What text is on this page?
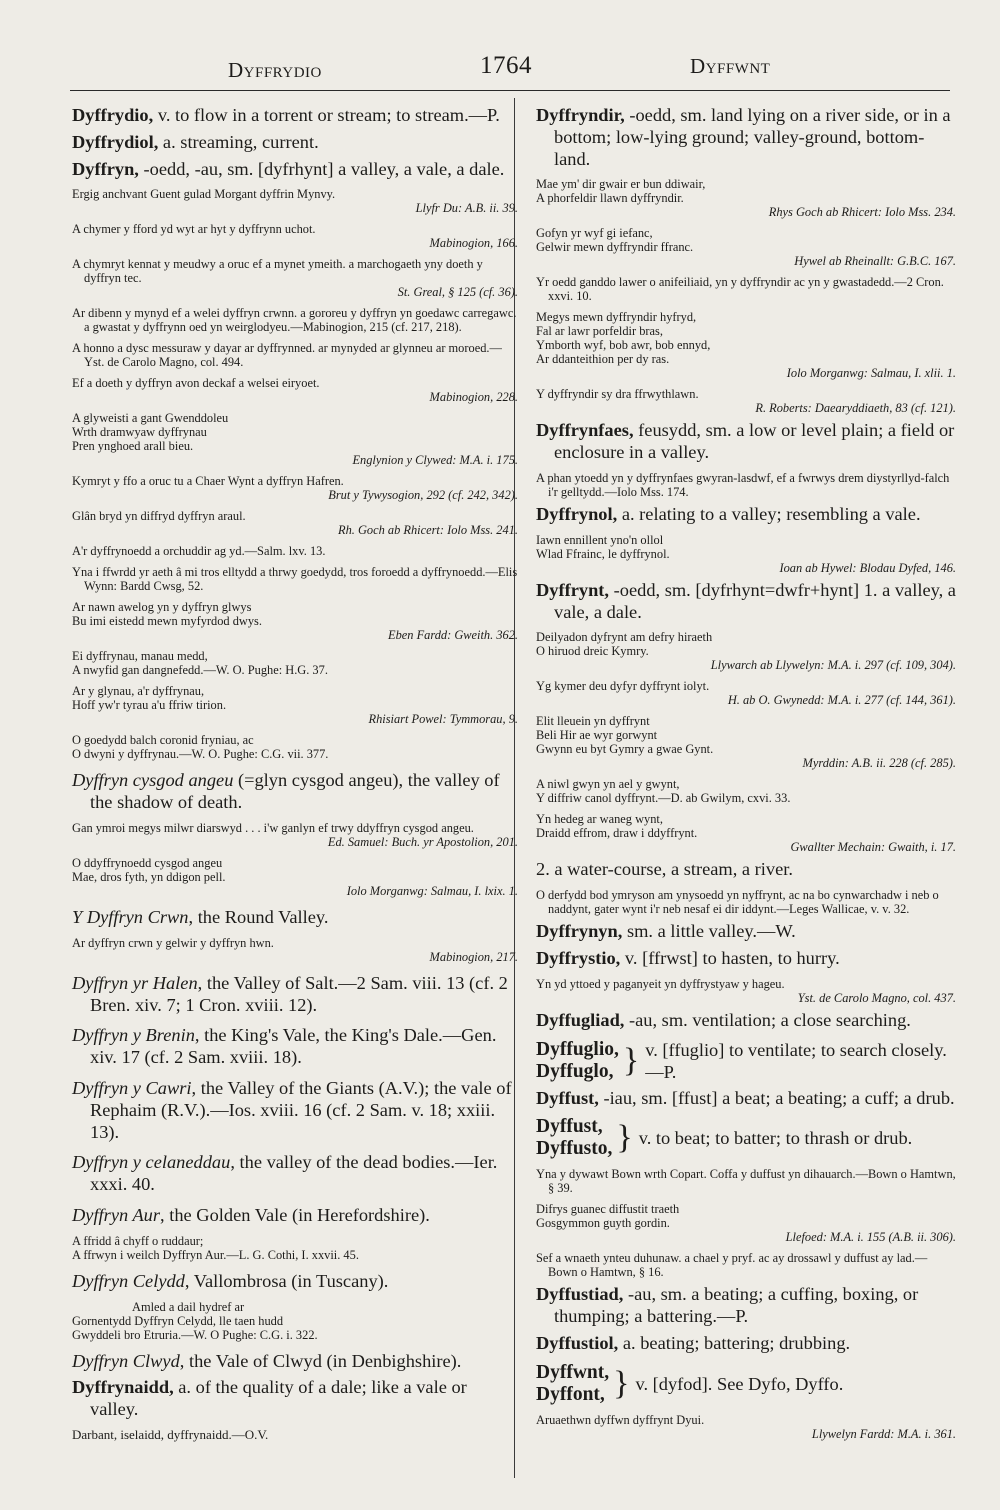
Dyffrydio	1764	Dyffwnt
Dyffrydio, v. to flow in a torrent or stream; to stream.—P.
Dyffrydiol, a. streaming, current.
Dyffryn, -oedd, -au, sm. [dyfrhynt] a valley, a vale, a dale.
Ergig anchvant Guent gulad Morgant dyffrin Mynvy.
Llyfr Du: A.B. ii. 39.
A chymer y fford yd wyt ar hyt y dyffrynn uchot.
Mabinogion, 166.
A chymryt kennat y meudwy a oruc ef a mynet ymeith. a marchogaeth yny doeth y dyffryn tec.
St. Greal, § 125 (cf. 36).
Ar dibenn y mynyd ef a welei dyffryn crwnn. a gororeu y dyffryn yn goedawc carregawc. a gwastat y dyffrynn oed yn weirglodyeu.—Mabinogion, 215 (cf. 217, 218).
A honno a dysc messuraw y dayar ar dyffrynned. ar mynyded ar glynneu ar moroed.—Yst. de Carolo Magno, col. 494.
Ef a doeth y dyffryn avon deckaf a welsei eiryoet.
Mabinogion, 228.
A glyweisti a gant Gwenddoleu
Wrth dramwyaw dyffrynau
Pren ynghoed arall bieu.
Englynion y Clywed: M.A. i. 175.
Kymryt y ffo a oruc tu a Chaer Wynt a dyffryn Hafren.
Brut y Tywysogion, 292 (cf. 242, 342).
Glân bryd yn diffryd dyffryn araul.
Rh. Goch ab Rhicert: Iolo Mss. 241.
A'r dyffrynoedd a orchuddir ag yd.—Salm. lxv. 13.
Yna i ffwrdd yr aeth â mi tros elltydd a thrwy goedydd, tros foroedd a dyffrynoedd.—Elis Wynn: Bardd Cwsg, 52.
Ar nawn awelog yn y dyffryn glwys
Bu imi eistedd mewn myfyrdod dwys.
Eben Fardd: Gweith. 362.
Ei dyffrynau, manau medd,
A nwyfid gan dangnefedd.—W. O. Pughe: H.G. 37.
Ar y glynau, a'r dyffrynau,
Hoff yw'r tyrau a'u ffriw tirion.
Rhisiart Powel: Tymmorau, 9.
O goedydd balch coronid fryniau, ac
O dwyni y dyffrynau.—W. O. Pughe: C.G. vii. 377.
Dyffryn cysgod angeu (=glyn cysgod angeu), the valley of the shadow of death.
Gan ymroi megys milwr diarswyd . . . i'w ganlyn ef trwy ddyffryn cysgod angeu.
Ed. Samuel: Buch. yr Apostolion, 201.
O ddyffrynoedd cysgod angeu
Mae, dros fyth, yn ddigon pell.
Iolo Morganwg: Salmau, I. lxix. 1.
Y Dyffryn Crwn, the Round Valley.
Ar dyffryn crwn y gelwir y dyffryn hwn.
Mabinogion, 217.
Dyffryn yr Halen, the Valley of Salt.—2 Sam. viii. 13 (cf. 2 Bren. xiv. 7; 1 Cron. xviii. 12).
Dyffryn y Brenin, the King's Vale, the King's Dale.—Gen. xiv. 17 (cf. 2 Sam. xviii. 18).
Dyffryn y Cawri, the Valley of the Giants (A.V.); the vale of Rephaim (R.V.).—Ios. xviii. 16 (cf. 2 Sam. v. 18; xxiii. 13).
Dyffryn y celaneddau, the valley of the dead bodies.—Ier. xxxi. 40.
Dyffryn Aur, the Golden Vale (in Herefordshire).
A ffridd â chyff o ruddaur;
A ffrwyn i weilch Dyffryn Aur.—L. G. Cothi, I. xxvii. 45.
Dyffryn Celydd, Vallombrosa (in Tuscany).
Amled a dail hydref ar
Gornentydd Dyffryn Celydd, lle taen hudd
Gwyddeli bro Etruria.—W. O Pughe: C.G. i. 322.
Dyffryn Clwyd, the Vale of Clwyd (in Denbighshire).
Dyffrynaidd, a. of the quality of a dale; like a vale or valley.
Darbant, iselaidd, dyffrynaidd.—O.V.
Dyffryndir, -oedd, sm. land lying on a river side, or in a bottom; low-lying ground; valley-ground, bottom-land.
Mae ym' dir gwair er bun ddiwair,
A phorfeldir llawn dyffryndir.
Rhys Goch ab Rhicert: Iolo Mss. 234.
Gofyn yr wyf gi iefanc,
Gelwir mewn dyffryndir ffranc.
Hywel ab Rheinallt: G.B.C. 167.
Yr oedd ganddo lawer o anifeiliaid, yn y dyffryndir ac yn y gwastadedd.—2 Cron. xxvi. 10.
Megys mewn dyffryndir hyfryd,
Fal ar lawr porfeldir bras,
Ymborth wyf, bob awr, bob ennyd,
Ar ddanteithion per dy ras.
Iolo Morganwg: Salmau, I. xlii. 1.
Y dyffryndir sy dra ffrwythlawn.
R. Roberts: Daearyddiaeth, 83 (cf. 121).
Dyffrynfaes, feusydd, sm. a low or level plain; a field or enclosure in a valley.
A phan ytoedd yn y dyffrynfaes gwyran-lasdwf, ef a fwrwys drem diystyrllyd-falch i'r gelltydd.—Iolo Mss. 174.
Dyffrynol, a. relating to a valley; resembling a vale.
Iawn ennillent yno'n ollol
Wlad Ffrainc, le dyffrynol.
Ioan ab Hywel: Blodau Dyfed, 146.
Dyffrynt, -oedd, sm. [dyfrhynt=dwfr+hynt] 1. a valley, a vale, a dale.
Deilyadon dyfrynt am defry hiraeth
O hiruod dreic Kymry.
Llywarch ab Llywelyn: M.A. i. 297 (cf. 109, 304).
Yg kymer deu dyfyr dyffrynt iolyt.
H. ab O. Gwynedd: M.A. i. 277 (cf. 144, 361).
Elit lleuein yn dyffrynt
Beli Hir ae wyr gorwynt
Gwynn eu byt Gymry a gwae Gynt.
Myrddin: A.B. ii. 228 (cf. 285).
A niwl gwyn yn ael y gwynt,
Y diffriw canol dyffrynt.—D. ab Gwilym, cxvi. 33.
Yn hedeg ar waneg wynt,
Draidd effrom, draw i ddyffrynt.
Gwallter Mechain: Gwaith, i. 17.
2. a water-course, a stream, a river.
O derfydd bod ymryson am ynysoedd yn nyffrynt, ac na bo cynwarchadw i neb o naddynt, gater wynt i'r neb nesaf ei dir iddynt.—Leges Wallicae, v. v. 32.
Dyffrynyn, sm. a little valley.—W.
Dyffrystio, v. [ffrwst] to hasten, to hurry.
Yn yd yttoed y paganyeit yn dyffrystyaw y hageu.
Yst. de Carolo Magno, col. 437.
Dyffugliad, -au, sm. ventilation; a close searching.
Dyffuglio,
Dyffuglo, } v. [ffuglio] to ventilate; to search closely.—P.
Dyffust, -iau, sm. [ffust] a beat; a beating; a cuff; a drub.
Dyffust,
Dyffusto, } v. to beat; to batter; to thrash or drub.
Yna y dywawt Bown wrth Copart. Coffa y duffust yn dihauarch.—Bown o Hamtwn, § 39.
Difrys guanec diffustit traeth
Gosgymmon guyth gordin.
Llefoed: M.A. i. 155 (A.B. ii. 306).
Sef a wnaeth ynteu duhunaw. a chael y pryf. ac ay drossawl y duffust ay lad.—Bown o Hamtwn, § 16.
Dyffustiad, -au, sm. a beating; a cuffing, boxing, or thumping; a battering.—P.
Dyffustiol, a. beating; battering; drubbing.
Dyffwnt,
Dyffont, } v. [dyfod]. See Dyfo, Dyffo.
Aruaethwn dyffwn dyffrynt Dyui.
Llywelyn Fardd: M.A. i. 361.
